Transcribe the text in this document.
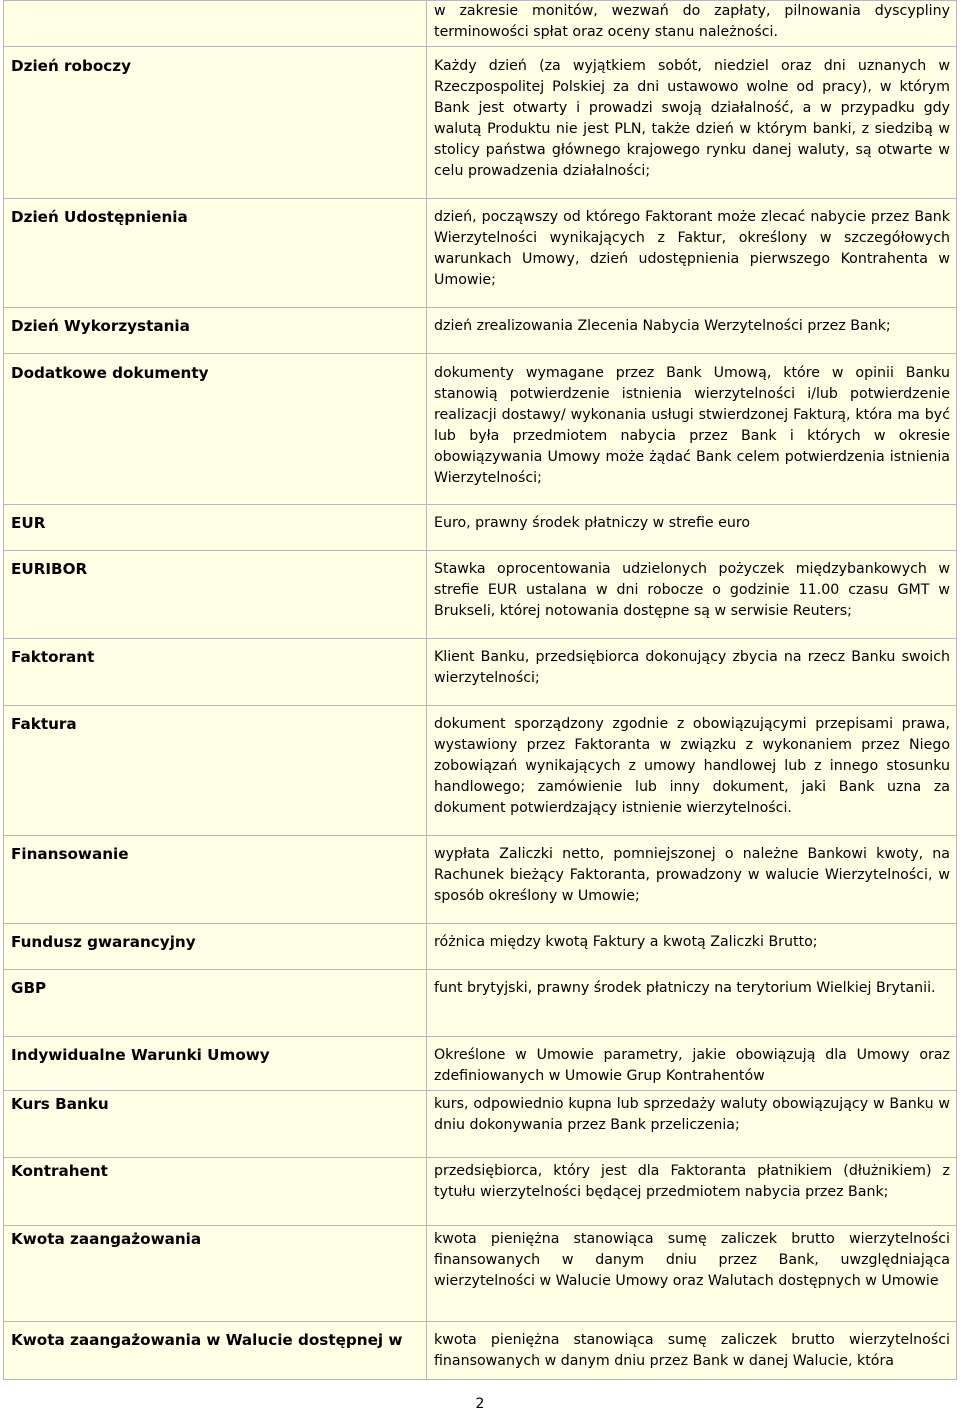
	w zakresie monitów, wezwań do zapłaty, pilnowania dyscypliny terminowości spłat oraz oceny stanu należności.

Dzień roboczy	Każdy dzień (za wyjątkiem sobót, niedziel oraz dni uznanych w Rzeczpospolitej Polskiej za dni ustawowo wolne od pracy), w którym Bank jest otwarty i prowadzi swoją działalność, a w przypadku gdy walutą Produktu nie jest PLN, także dzień w którym banki, z siedzibą w stolicy państwa głównego krajowego rynku danej waluty, są otwarte w celu prowadzenia działalności;

Dzień Udostępnienia	dzień, począwszy od którego Faktorant może zlecać nabycie przez Bank Wierzytelności wynikających z Faktur, określony w szczegółowych warunkach Umowy, dzień udostępnienia pierwszego Kontrahenta w Umowie;

Dzień Wykorzystania	dzień zrealizowania Zlecenia Nabycia Werzytelności przez Bank;

Dodatkowe dokumenty	dokumenty wymagane przez Bank Umową, które w opinii Banku stanowią potwierdzenie istnienia wierzytelności i/lub potwierdzenie realizacji dostawy/ wykonania usługi stwierdzonej Fakturą, która ma być lub była przedmiotem nabycia przez Bank i których w okresie obowiązywania Umowy może żądać Bank celem potwierdzenia istnienia Wierzytelności;

EUR	Euro, prawny środek płatniczy w strefie euro

EURIBOR	Stawka oprocentowania udzielonych pożyczek międzybankowych w strefie EUR ustalana w dni robocze o godzinie 11.00 czasu GMT w Brukseli, której notowania dostępne są w serwisie Reuters;

Faktorant	Klient Banku, przedsiębiorca dokonujący zbycia na rzecz Banku swoich wierzytelności;

Faktura	dokument sporządzony zgodnie z obowiązującymi przepisami prawa, wystawiony przez Faktoranta w związku z wykonaniem przez Niego zobowiązań wynikających z umowy handlowej lub z innego stosunku handlowego; zamówienie lub inny dokument, jaki Bank uzna za dokument potwierdzający istnienie wierzytelności.

Finansowanie	wypłata Zaliczki netto, pomniejszonej o należne Bankowi kwoty, na Rachunek bieżący Faktoranta, prowadzony w walucie Wierzytelności, w sposób określony w Umowie;

Fundusz gwarancyjny	różnica między kwotą Faktury a kwotą Zaliczki Brutto;

GBP	funt brytyjski, prawny środek płatniczy na terytorium Wielkiej Brytanii.

Indywidualne Warunki Umowy	Określone w Umowie parametry, jakie obowiązują dla Umowy oraz zdefiniowanych w Umowie Grup Kontrahentów

Kurs Banku	kurs, odpowiednio kupna lub sprzedaży waluty obowiązujący w Banku w dniu dokonywania przez Bank przeliczenia;

Kontrahent	przedsiębiorca, który jest dla Faktoranta płatnikiem (dłużnikiem) z tytułu wierzytelności będącej przedmiotem nabycia przez Bank;

Kwota zaangażowania	kwota pieniężna stanowiąca sumę zaliczek brutto wierzytelności finansowanych w danym dniu przez Bank, uwzględniająca wierzytelności w Walucie Umowy oraz Walutach dostępnych w Umowie

Kwota zaangażowania w Walucie dostępnej w	kwota pieniężna stanowiąca sumę zaliczek brutto wierzytelności finansowanych w danym dniu przez Bank w danej Walucie, która
2
